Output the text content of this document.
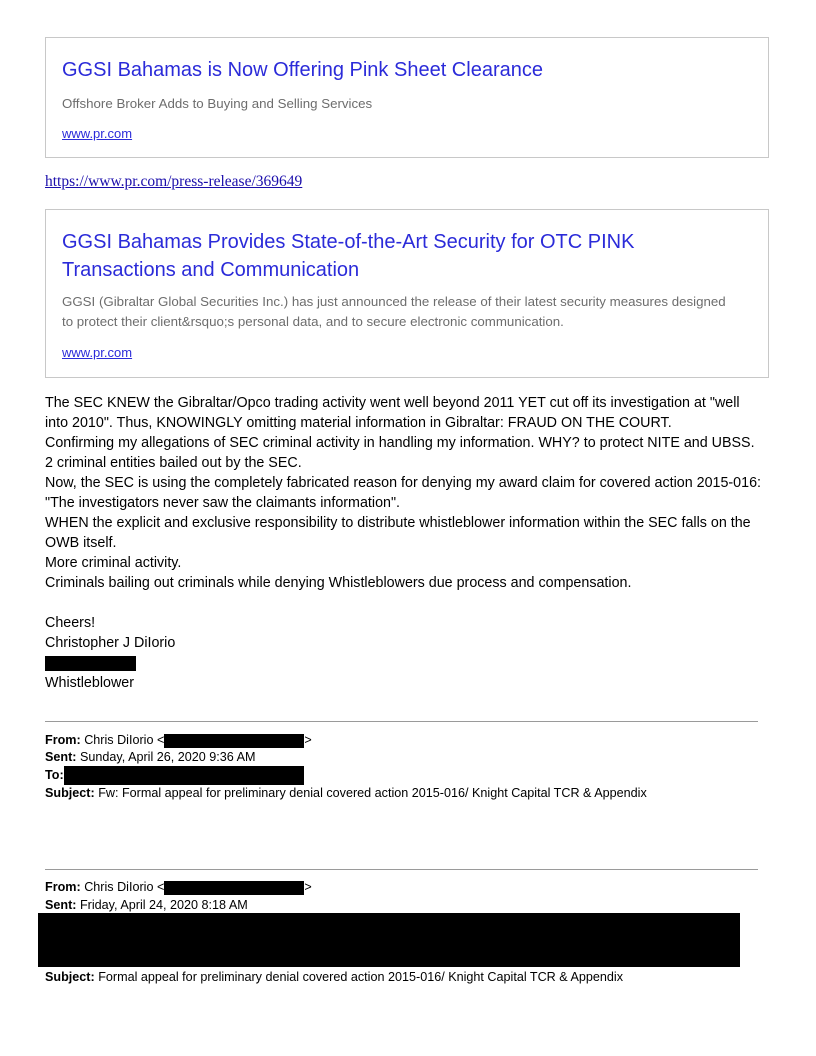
GGSI Bahamas is Now Offering Pink Sheet Clearance

Offshore Broker Adds to Buying and Selling Services

www.pr.com
https://www.pr.com/press-release/369649

GGSI Bahamas Provides State-of-the-Art Security for OTC PINK Transactions and Communication

GGSI (Gibraltar Global Securities Inc.) has just announced the release of their latest security measures designed to protect their client&rsquo;s personal data, and to secure electronic communication.

www.pr.com

The SEC KNEW the Gibraltar/Opco trading activity went well beyond 2011 YET cut off its investigation at "well into 2010". Thus, KNOWINGLY omitting material information in Gibraltar: FRAUD ON THE COURT.

Confirming my allegations of SEC criminal activity in handling my information. WHY? to protect NITE and UBSS. 2 criminal entities bailed out by the SEC.

Now, the SEC is using the completely fabricated reason for denying my award claim for covered action 2015-016: "The investigators never saw the claimants information".

WHEN the explicit and exclusive responsibility to distribute whistleblower information within the SEC falls on the OWB itself.

More criminal activity.

Criminals bailing out criminals while denying Whistleblowers due process and compensation.

Cheers!

Christopher J DiIorio

Whistleblower

From: Chris DiIorio <	>
Sent: Sunday, April 26, 2020 9:36 AM
To:
Subject: Fw: Formal appeal for preliminary denial covered action 2015-016/ Knight Capital TCR & Appendix
From: Chris DiIorio <	>
Sent: Friday, April 24, 2020 8:18 AM
Subject: Formal appeal for preliminary denial covered action 2015-016/ Knight Capital TCR & Appendix
